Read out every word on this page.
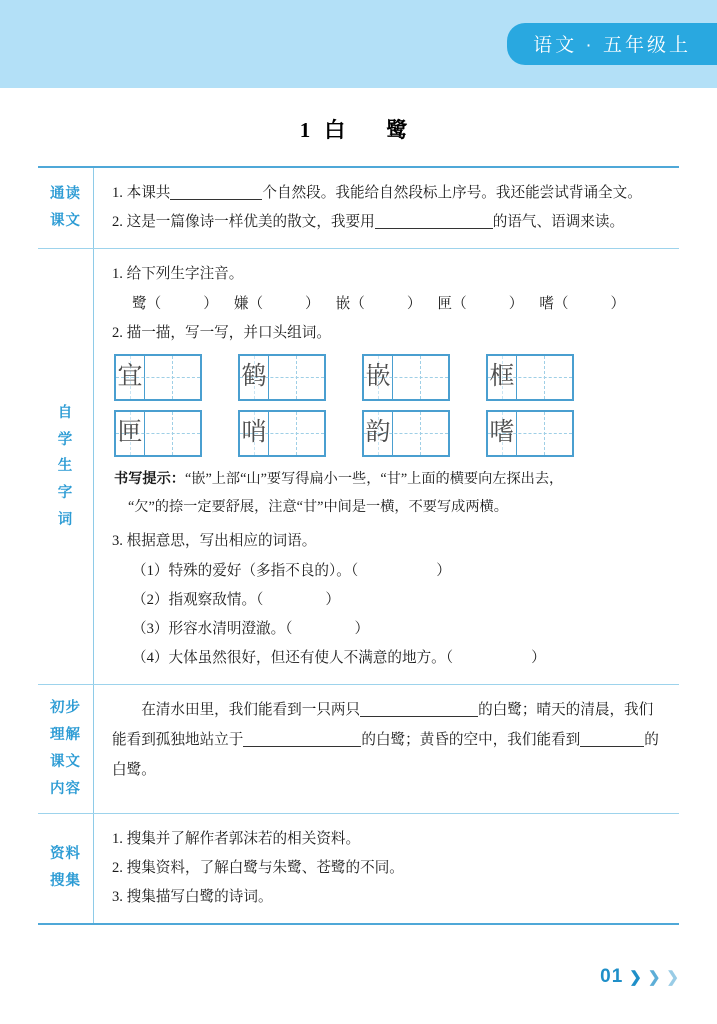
语文 · 五年级上
1白　鹭
通读
课文
1. 本课共	个自然段。我能给自然段标上序号。我还能尝试背诵全文。
2. 这是一篇像诗一样优美的散文，我要用	的语气、语调来读。
自
学
生
字
词
1. 给下列生字注音。
鹭（	） 嫌（	） 嵌（	） 匣（	） 嗜（	）
2. 描一描，写一写，并口头组词。
宜	鹤	嵌	框
匣	哨	韵	嗜
书写提示：“嵌”上部“山”要写得扁小一些，“甘”上面的横要向左探出去，
“欠”的捺一定要舒展，注意“甘”中间是一横，不要写成两横。
3. 根据意思，写出相应的词语。
（1）特殊的爱好（多指不良的）。（	）
（2）指观察敌情。（	）
（3）形容水清明澄澈。（	）
（4）大体虽然很好，但还有使人不满意的地方。（	）
初步
理解
课文
内容
在清水田里，我们能看到一只两只	的白鹭；晴天的清晨，我们能看到孤独地站立于	的白鹭；黄昏的空中，我们能看到	的白鹭。
资料
搜集
1. 搜集并了解作者郭沫若的相关资料。
2. 搜集资料，了解白鹭与朱鹭、苍鹭的不同。
3. 搜集描写白鹭的诗词。
01 ❯ ❯ ❯
